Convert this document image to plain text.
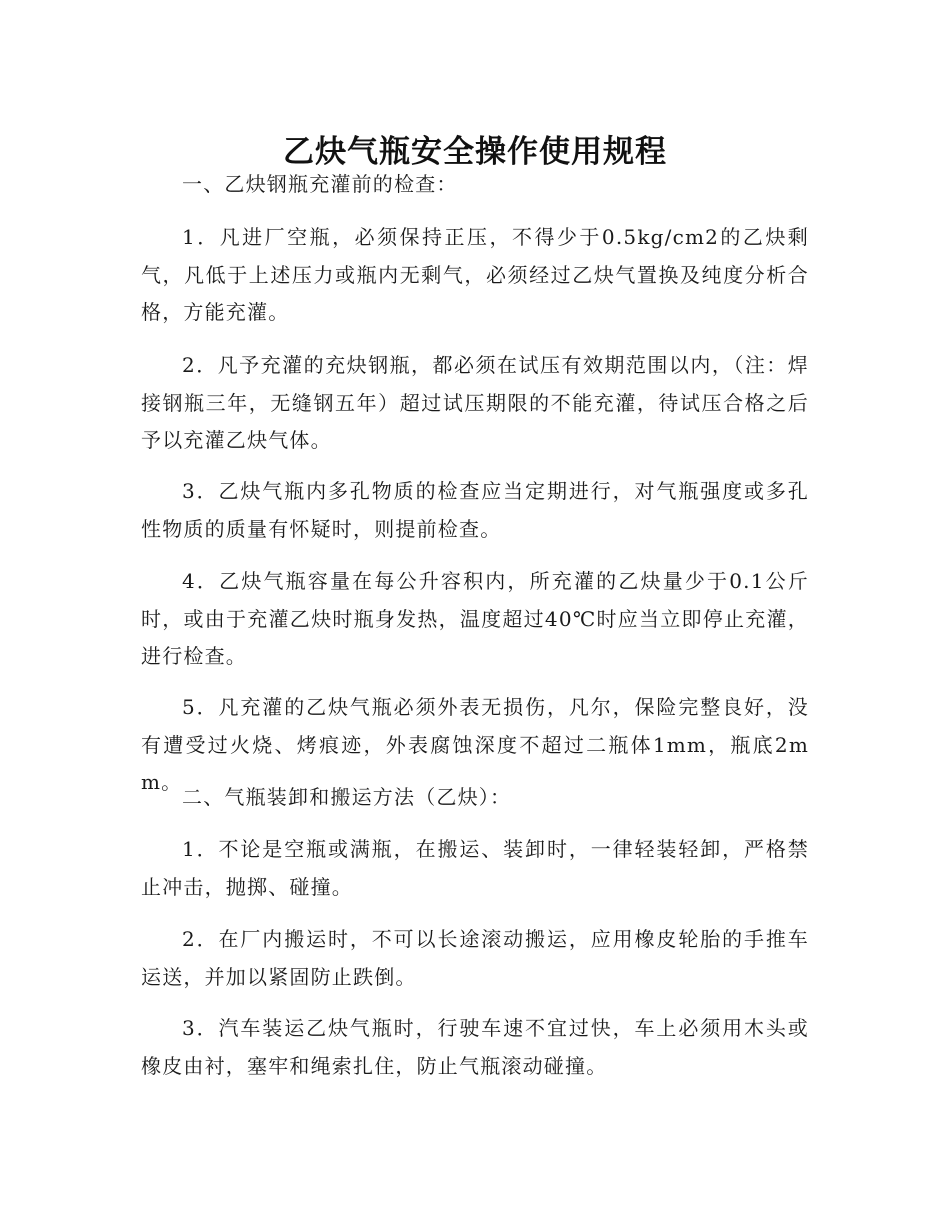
乙炔气瓶安全操作使用规程

一、乙炔钢瓶充灌前的检查：

1．凡进厂空瓶，必须保持正压，不得少于0.5kg/cm2的乙炔剩气，凡低于上述压力或瓶内无剩气，必须经过乙炔气置换及纯度分析合格，方能充灌。

2．凡予充灌的充炔钢瓶，都必须在试压有效期范围以内，（注：焊接钢瓶三年，无缝钢五年）超过试压期限的不能充灌，待试压合格之后予以充灌乙炔气体。

3．乙炔气瓶内多孔物质的检查应当定期进行，对气瓶强度或多孔性物质的质量有怀疑时，则提前检查。

4．乙炔气瓶容量在每公升容积内，所充灌的乙炔量少于0.1公斤时，或由于充灌乙炔时瓶身发热，温度超过40℃时应当立即停止充灌，进行检查。

5．凡充灌的乙炔气瓶必须外表无损伤，凡尔，保险完整良好，没有遭受过火烧、烤痕迹，外表腐蚀深度不超过二瓶体1mm，瓶底2mm。

二、气瓶装卸和搬运方法（乙炔）：

1．不论是空瓶或满瓶，在搬运、装卸时，一律轻装轻卸，严格禁止冲击，抛掷、碰撞。

2．在厂内搬运时，不可以长途滚动搬运，应用橡皮轮胎的手推车运送，并加以紧固防止跌倒。

3．汽车装运乙炔气瓶时，行驶车速不宜过快，车上必须用木头或橡皮由衬，塞牢和绳索扎住，防止气瓶滚动碰撞。
